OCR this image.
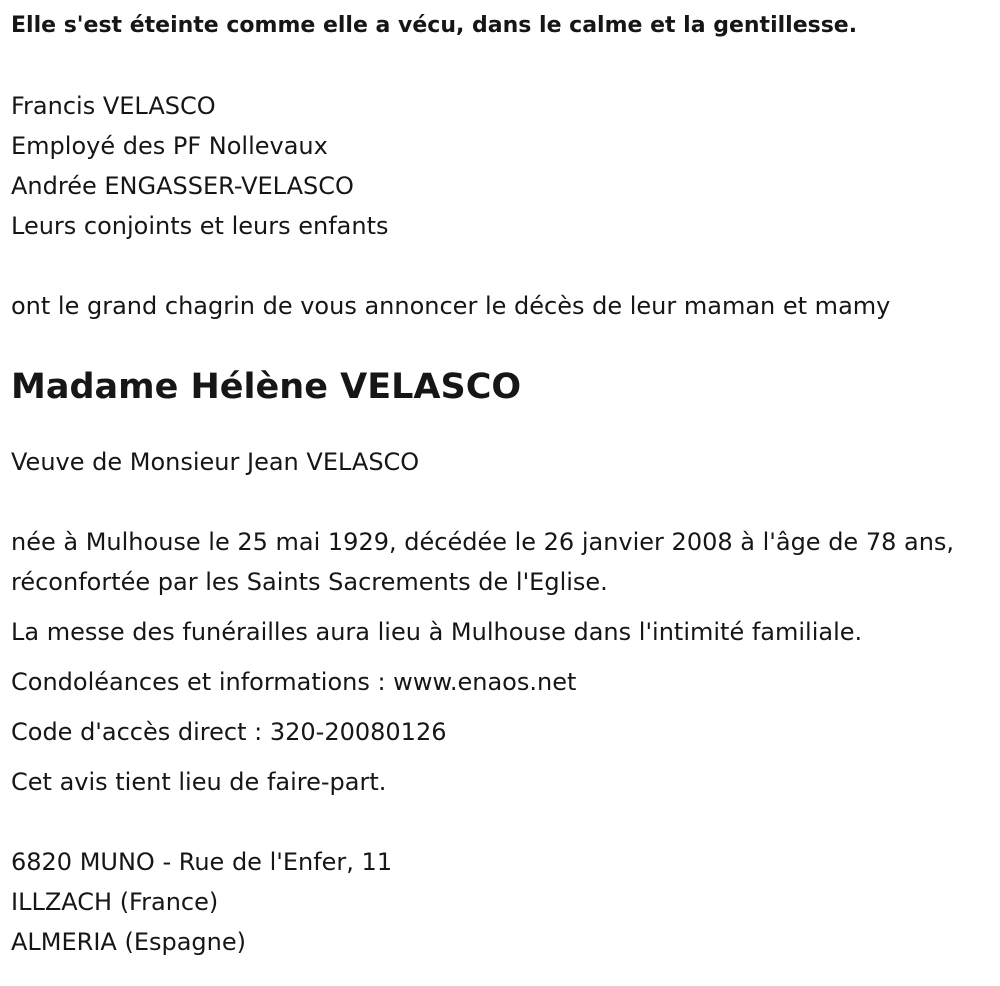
Elle s'est éteinte comme elle a vécu, dans le calme et la gentillesse.
Francis VELASCO
Employé des PF Nollevaux
Andrée ENGASSER-VELASCO
Leurs conjoints et leurs enfants
ont le grand chagrin de vous annoncer le décès de leur maman et mamy
Madame Hélène VELASCO
Veuve de Monsieur Jean VELASCO
née à Mulhouse le 25 mai 1929, décédée le 26 janvier 2008 à l'âge de 78 ans, réconfortée par les Saints Sacrements de l'Eglise.
La messe des funérailles aura lieu à Mulhouse dans l'intimité familiale.
Condoléances et informations : www.enaos.net
Code d'accès direct : 320-20080126
Cet avis tient lieu de faire-part.
6820 MUNO - Rue de l'Enfer, 11
ILLZACH (France)
ALMERIA (Espagne)
